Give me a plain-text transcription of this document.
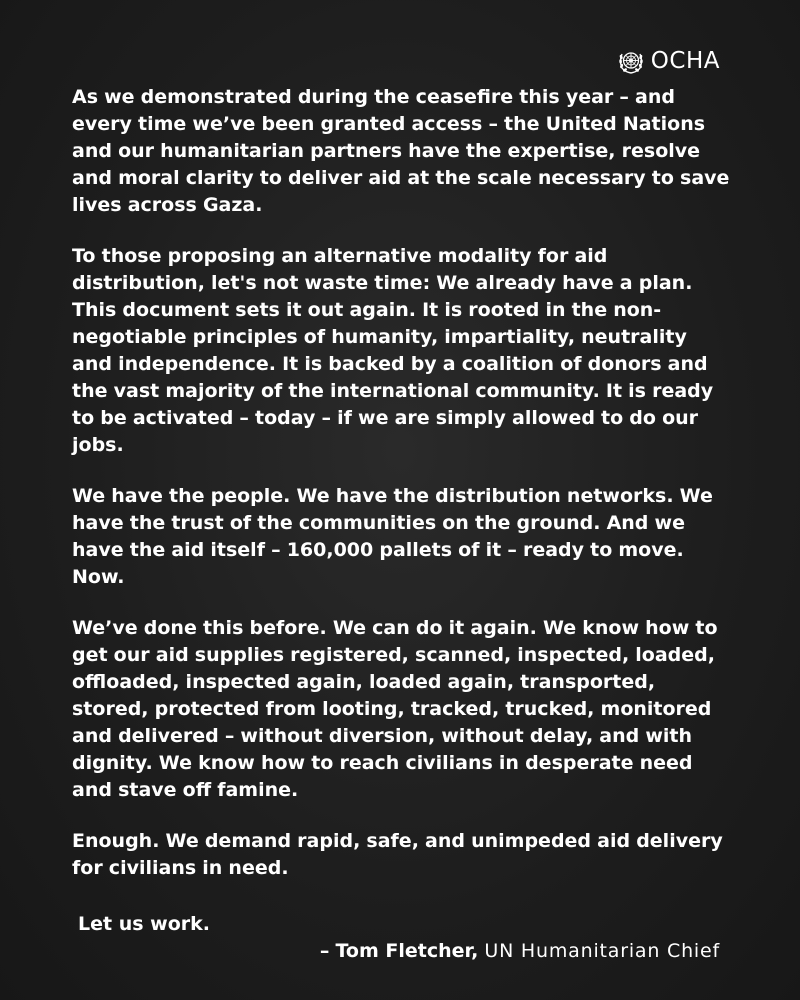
OCHA

As we demonstrated during the ceasefire this year – and every time we’ve been granted access – the United Nations and our humanitarian partners have the expertise, resolve and moral clarity to deliver aid at the scale necessary to save lives across Gaza.

To those proposing an alternative modality for aid distribution, let's not waste time: We already have a plan. This document sets it out again. It is rooted in the non-negotiable principles of humanity, impartiality, neutrality and independence. It is backed by a coalition of donors and the vast majority of the international community. It is ready to be activated – today – if we are simply allowed to do our jobs.

We have the people. We have the distribution networks. We have the trust of the communities on the ground. And we have the aid itself – 160,000 pallets of it – ready to move. Now.

We’ve done this before. We can do it again. We know how to get our aid supplies registered, scanned, inspected, loaded, offloaded, inspected again, loaded again, transported, stored, protected from looting, tracked, trucked, monitored and delivered – without diversion, without delay, and with dignity. We know how to reach civilians in desperate need and stave off famine.

Enough. We demand rapid, safe, and unimpeded aid delivery for civilians in need.

Let us work.
– Tom Fletcher, UN Humanitarian Chief
